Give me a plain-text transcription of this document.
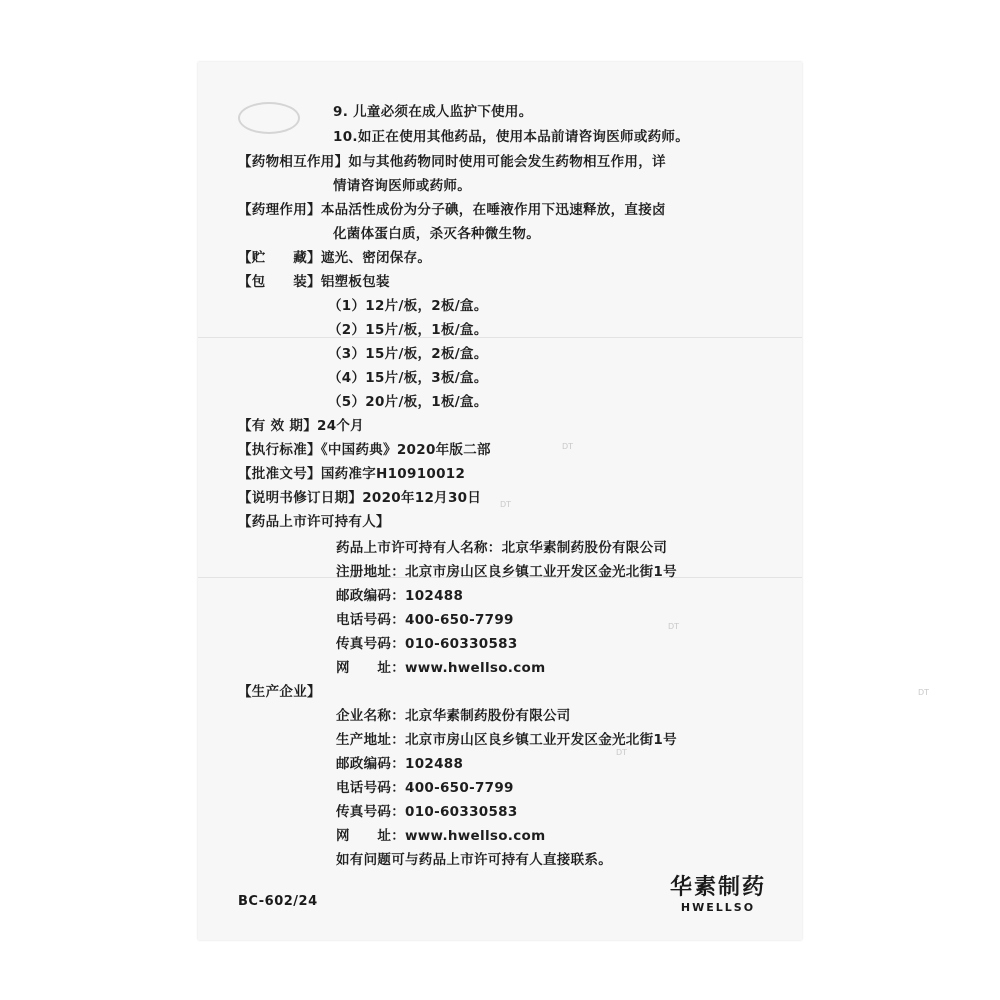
9. 儿童必须在成人监护下使用。
10.如正在使用其他药品，使用本品前请咨询医师或药师。
【药物相互作用】如与其他药物同时使用可能会发生药物相互作用，详
情请咨询医师或药师。
【药理作用】本品活性成份为分子碘，在唾液作用下迅速释放，直接卤
化菌体蛋白质，杀灭各种微生物。
【贮　　藏】遮光、密闭保存。
【包　　装】铝塑板包装
（1）12片/板，2板/盒。
（2）15片/板，1板/盒。
（3）15片/板，2板/盒。
（4）15片/板，3板/盒。
（5）20片/板，1板/盒。
【有 效 期】24个月
【执行标准】《中国药典》2020年版二部
【批准文号】国药准字H10910012
【说明书修订日期】2020年12月30日
【药品上市许可持有人】
药品上市许可持有人名称：北京华素制药股份有限公司
注册地址：北京市房山区良乡镇工业开发区金光北街1号
邮政编码：102488
电话号码：400-650-7799
传真号码：010-60330583
网　　址：www.hwellso.com
【生产企业】
企业名称：北京华素制药股份有限公司
生产地址：北京市房山区良乡镇工业开发区金光北街1号
邮政编码：102488
电话号码：400-650-7799
传真号码：010-60330583
网　　址：www.hwellso.com
如有问题可与药品上市许可持有人直接联系。
BC-602/24
华素制药
HWELLSO
DT
DT
DT
DT
DT
